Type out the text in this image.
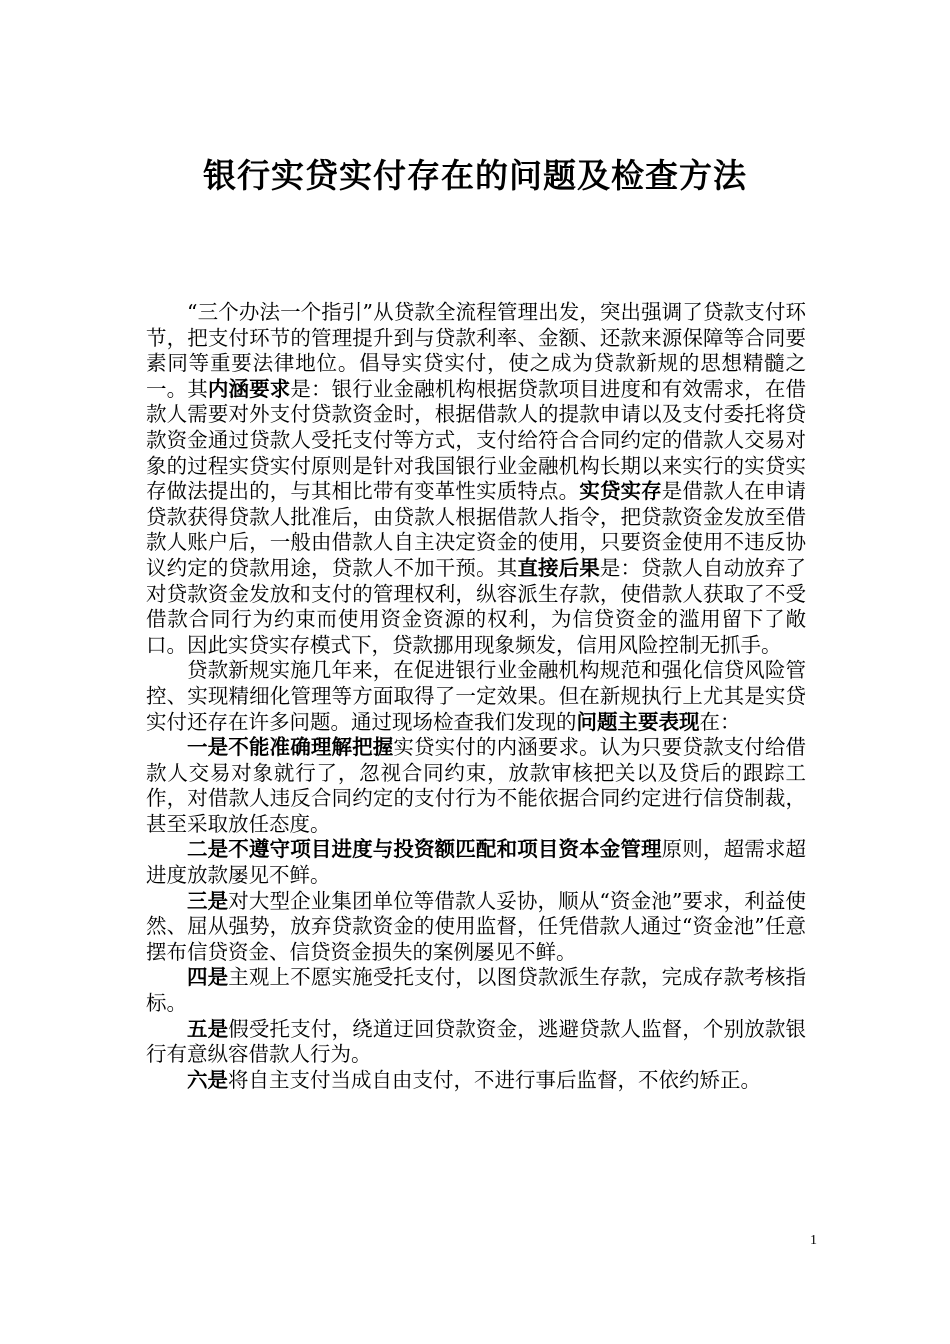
银行实贷实付存在的问题及检查方法

“三个办法一个指引”从贷款全流程管理出发，突出强调了贷款支付环节，把支付环节的管理提升到与贷款利率、金额、还款来源保障等合同要素同等重要法律地位。倡导实贷实付，使之成为贷款新规的思想精髓之一。其内涵要求是：银行业金融机构根据贷款项目进度和有效需求，在借款人需要对外支付贷款资金时，根据借款人的提款申请以及支付委托将贷款资金通过贷款人受托支付等方式，支付给符合合同约定的借款人交易对象的过程实贷实付原则是针对我国银行业金融机构长期以来实行的实贷实存做法提出的，与其相比带有变革性实质特点。实贷实存是借款人在申请贷款获得贷款人批准后，由贷款人根据借款人指令，把贷款资金发放至借款人账户后，一般由借款人自主决定资金的使用，只要资金使用不违反协议约定的贷款用途，贷款人不加干预。其直接后果是：贷款人自动放弃了对贷款资金发放和支付的管理权利，纵容派生存款，使借款人获取了不受借款合同行为约束而使用资金资源的权利，为信贷资金的滥用留下了敞口。因此实贷实存模式下，贷款挪用现象频发，信用风险控制无抓手。

贷款新规实施几年来，在促进银行业金融机构规范和强化信贷风险管控、实现精细化管理等方面取得了一定效果。但在新规执行上尤其是实贷实付还存在许多问题。通过现场检查我们发现的问题主要表现在：

一是不能准确理解把握实贷实付的内涵要求。认为只要贷款支付给借款人交易对象就行了，忽视合同约束，放款审核把关以及贷后的跟踪工作，对借款人违反合同约定的支付行为不能依据合同约定进行信贷制裁，甚至采取放任态度。

二是不遵守项目进度与投资额匹配和项目资本金管理原则，超需求超进度放款屡见不鲜。

三是对大型企业集团单位等借款人妥协，顺从“资金池”要求，利益使然、屈从强势，放弃贷款资金的使用监督，任凭借款人通过“资金池”任意摆布信贷资金、信贷资金损失的案例屡见不鲜。

四是主观上不愿实施受托支付，以图贷款派生存款，完成存款考核指标。

五是假受托支付，绕道迂回贷款资金，逃避贷款人监督，个别放款银行有意纵容借款人行为。

六是将自主支付当成自由支付，不进行事后监督，不依约矫正。

1
